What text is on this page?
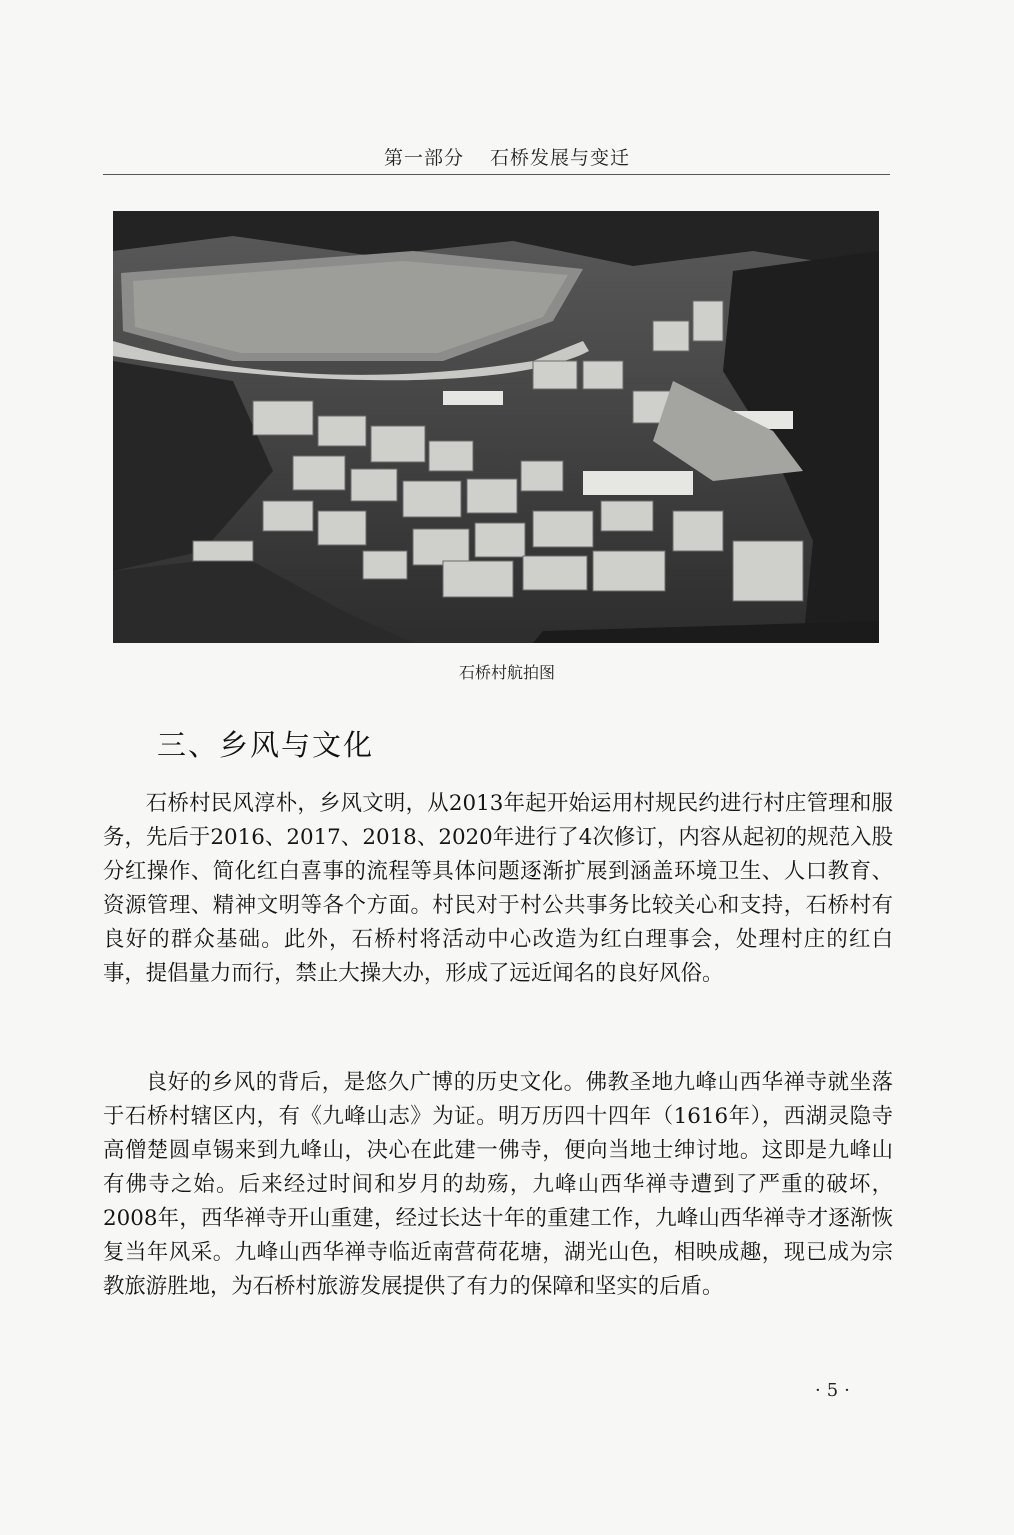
第一部分 石桥发展与变迁
石桥村航拍图
三、乡风与文化

石桥村民风淳朴，乡风文明，从2013年起开始运用村规民约进行村庄管理和服务，先后于2016、2017、2018、2020年进行了4次修订，内容从起初的规范入股分红操作、简化红白喜事的流程等具体问题逐渐扩展到涵盖环境卫生、人口教育、资源管理、精神文明等各个方面。村民对于村公共事务比较关心和支持，石桥村有良好的群众基础。此外，石桥村将活动中心改造为红白理事会，处理村庄的红白事，提倡量力而行，禁止大操大办，形成了远近闻名的良好风俗。

良好的乡风的背后，是悠久广博的历史文化。佛教圣地九峰山西华禅寺就坐落于石桥村辖区内，有《九峰山志》为证。明万历四十四年（1616年），西湖灵隐寺高僧楚圆卓锡来到九峰山，决心在此建一佛寺，便向当地士绅讨地。这即是九峰山有佛寺之始。后来经过时间和岁月的劫殇，九峰山西华禅寺遭到了严重的破坏，2008年，西华禅寺开山重建，经过长达十年的重建工作，九峰山西华禅寺才逐渐恢复当年风采。九峰山西华禅寺临近南营荷花塘，湖光山色，相映成趣，现已成为宗教旅游胜地，为石桥村旅游发展提供了有力的保障和坚实的后盾。

·5·
